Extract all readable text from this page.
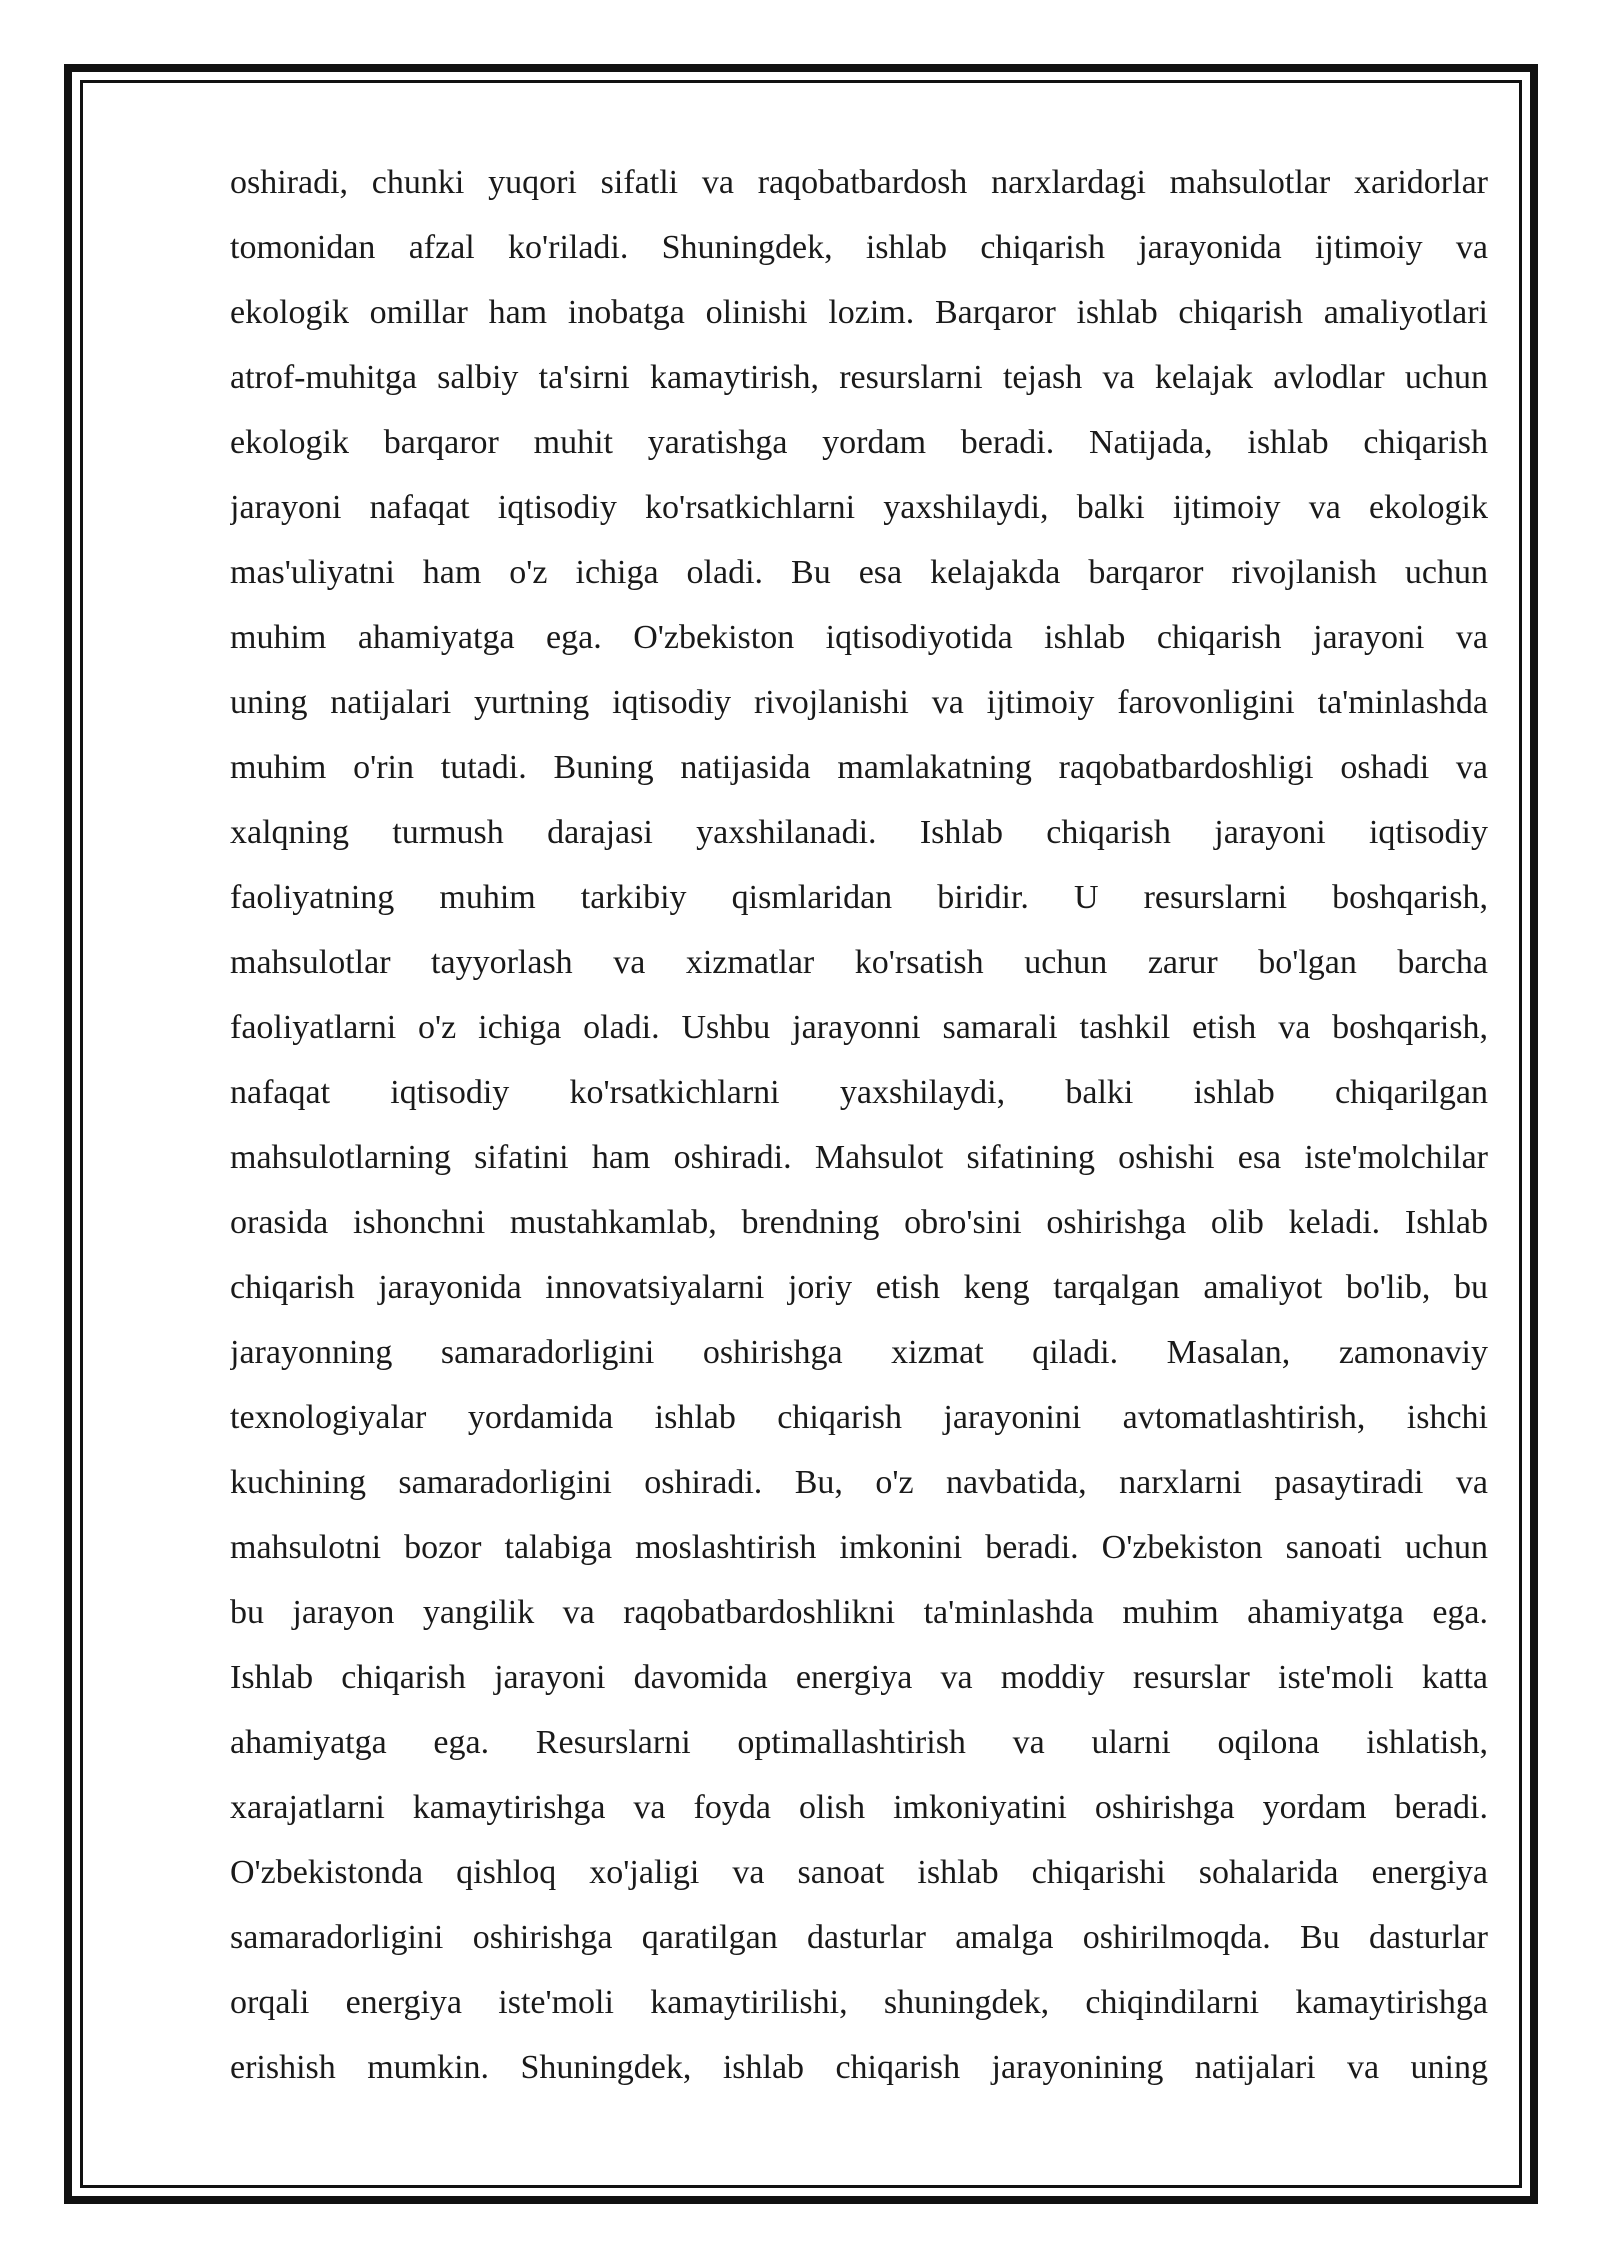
oshiradi, chunki yuqori sifatli va raqobatbardosh narxlardagi mahsulotlar xaridorlar
tomonidan afzal ko'riladi. Shuningdek, ishlab chiqarish jarayonida ijtimoiy va
ekologik omillar ham inobatga olinishi lozim. Barqaror ishlab chiqarish amaliyotlari
atrof-muhitga salbiy ta'sirni kamaytirish, resurslarni tejash va kelajak avlodlar uchun
ekologik barqaror muhit yaratishga yordam beradi. Natijada, ishlab chiqarish
jarayoni nafaqat iqtisodiy ko'rsatkichlarni yaxshilaydi, balki ijtimoiy va ekologik
mas'uliyatni ham o'z ichiga oladi. Bu esa kelajakda barqaror rivojlanish uchun
muhim ahamiyatga ega. O'zbekiston iqtisodiyotida ishlab chiqarish jarayoni va
uning natijalari yurtning iqtisodiy rivojlanishi va ijtimoiy farovonligini ta'minlashda
muhim o'rin tutadi. Buning natijasida mamlakatning raqobatbardoshligi oshadi va
xalqning turmush darajasi yaxshilanadi. Ishlab chiqarish jarayoni iqtisodiy
faoliyatning muhim tarkibiy qismlaridan biridir. U resurslarni boshqarish,
mahsulotlar tayyorlash va xizmatlar ko'rsatish uchun zarur bo'lgan barcha
faoliyatlarni o'z ichiga oladi. Ushbu jarayonni samarali tashkil etish va boshqarish,
nafaqat iqtisodiy ko'rsatkichlarni yaxshilaydi, balki ishlab chiqarilgan
mahsulotlarning sifatini ham oshiradi. Mahsulot sifatining oshishi esa iste'molchilar
orasida ishonchni mustahkamlab, brendning obro'sini oshirishga olib keladi. Ishlab
chiqarish jarayonida innovatsiyalarni joriy etish keng tarqalgan amaliyot bo'lib, bu
jarayonning samaradorligini oshirishga xizmat qiladi. Masalan, zamonaviy
texnologiyalar yordamida ishlab chiqarish jarayonini avtomatlashtirish, ishchi
kuchining samaradorligini oshiradi. Bu, o'z navbatida, narxlarni pasaytiradi va
mahsulotni bozor talabiga moslashtirish imkonini beradi. O'zbekiston sanoati uchun
bu jarayon yangilik va raqobatbardoshlikni ta'minlashda muhim ahamiyatga ega.
Ishlab chiqarish jarayoni davomida energiya va moddiy resurslar iste'moli katta
ahamiyatga ega. Resurslarni optimallashtirish va ularni oqilona ishlatish,
xarajatlarni kamaytirishga va foyda olish imkoniyatini oshirishga yordam beradi.
O'zbekistonda qishloq xo'jaligi va sanoat ishlab chiqarishi sohalarida energiya
samaradorligini oshirishga qaratilgan dasturlar amalga oshirilmoqda. Bu dasturlar
orqali energiya iste'moli kamaytirilishi, shuningdek, chiqindilarni kamaytirishga
erishish mumkin. Shuningdek, ishlab chiqarish jarayonining natijalari va uning
